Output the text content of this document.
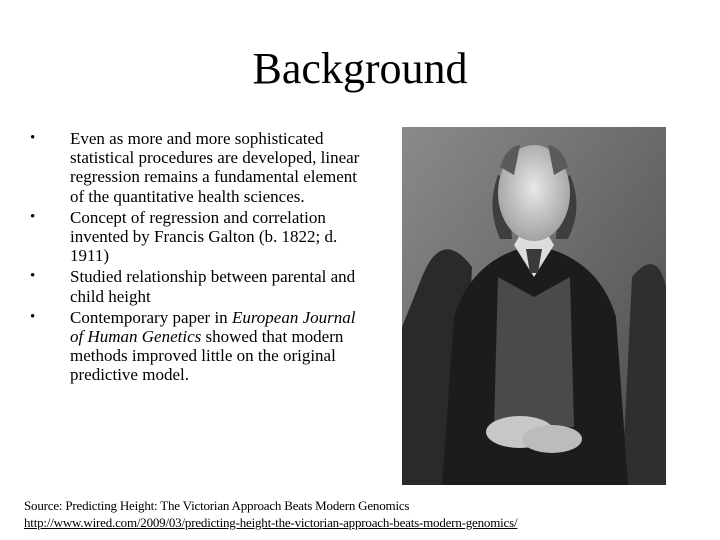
Background
•	Even as more and more sophisticated statistical procedures are developed, linear regression remains a fundamental element of the quantitative health sciences.
•	Concept of regression and correlation invented by Francis Galton (b. 1822; d. 1911)
•	Studied relationship between parental and child height
•	Contemporary paper in European Journal of Human Genetics showed that modern methods improved little on the original predictive model.
Source: Predicting Height: The Victorian Approach Beats Modern Genomics
http://www.wired.com/2009/03/predicting-height-the-victorian-approach-beats-modern-genomics/
